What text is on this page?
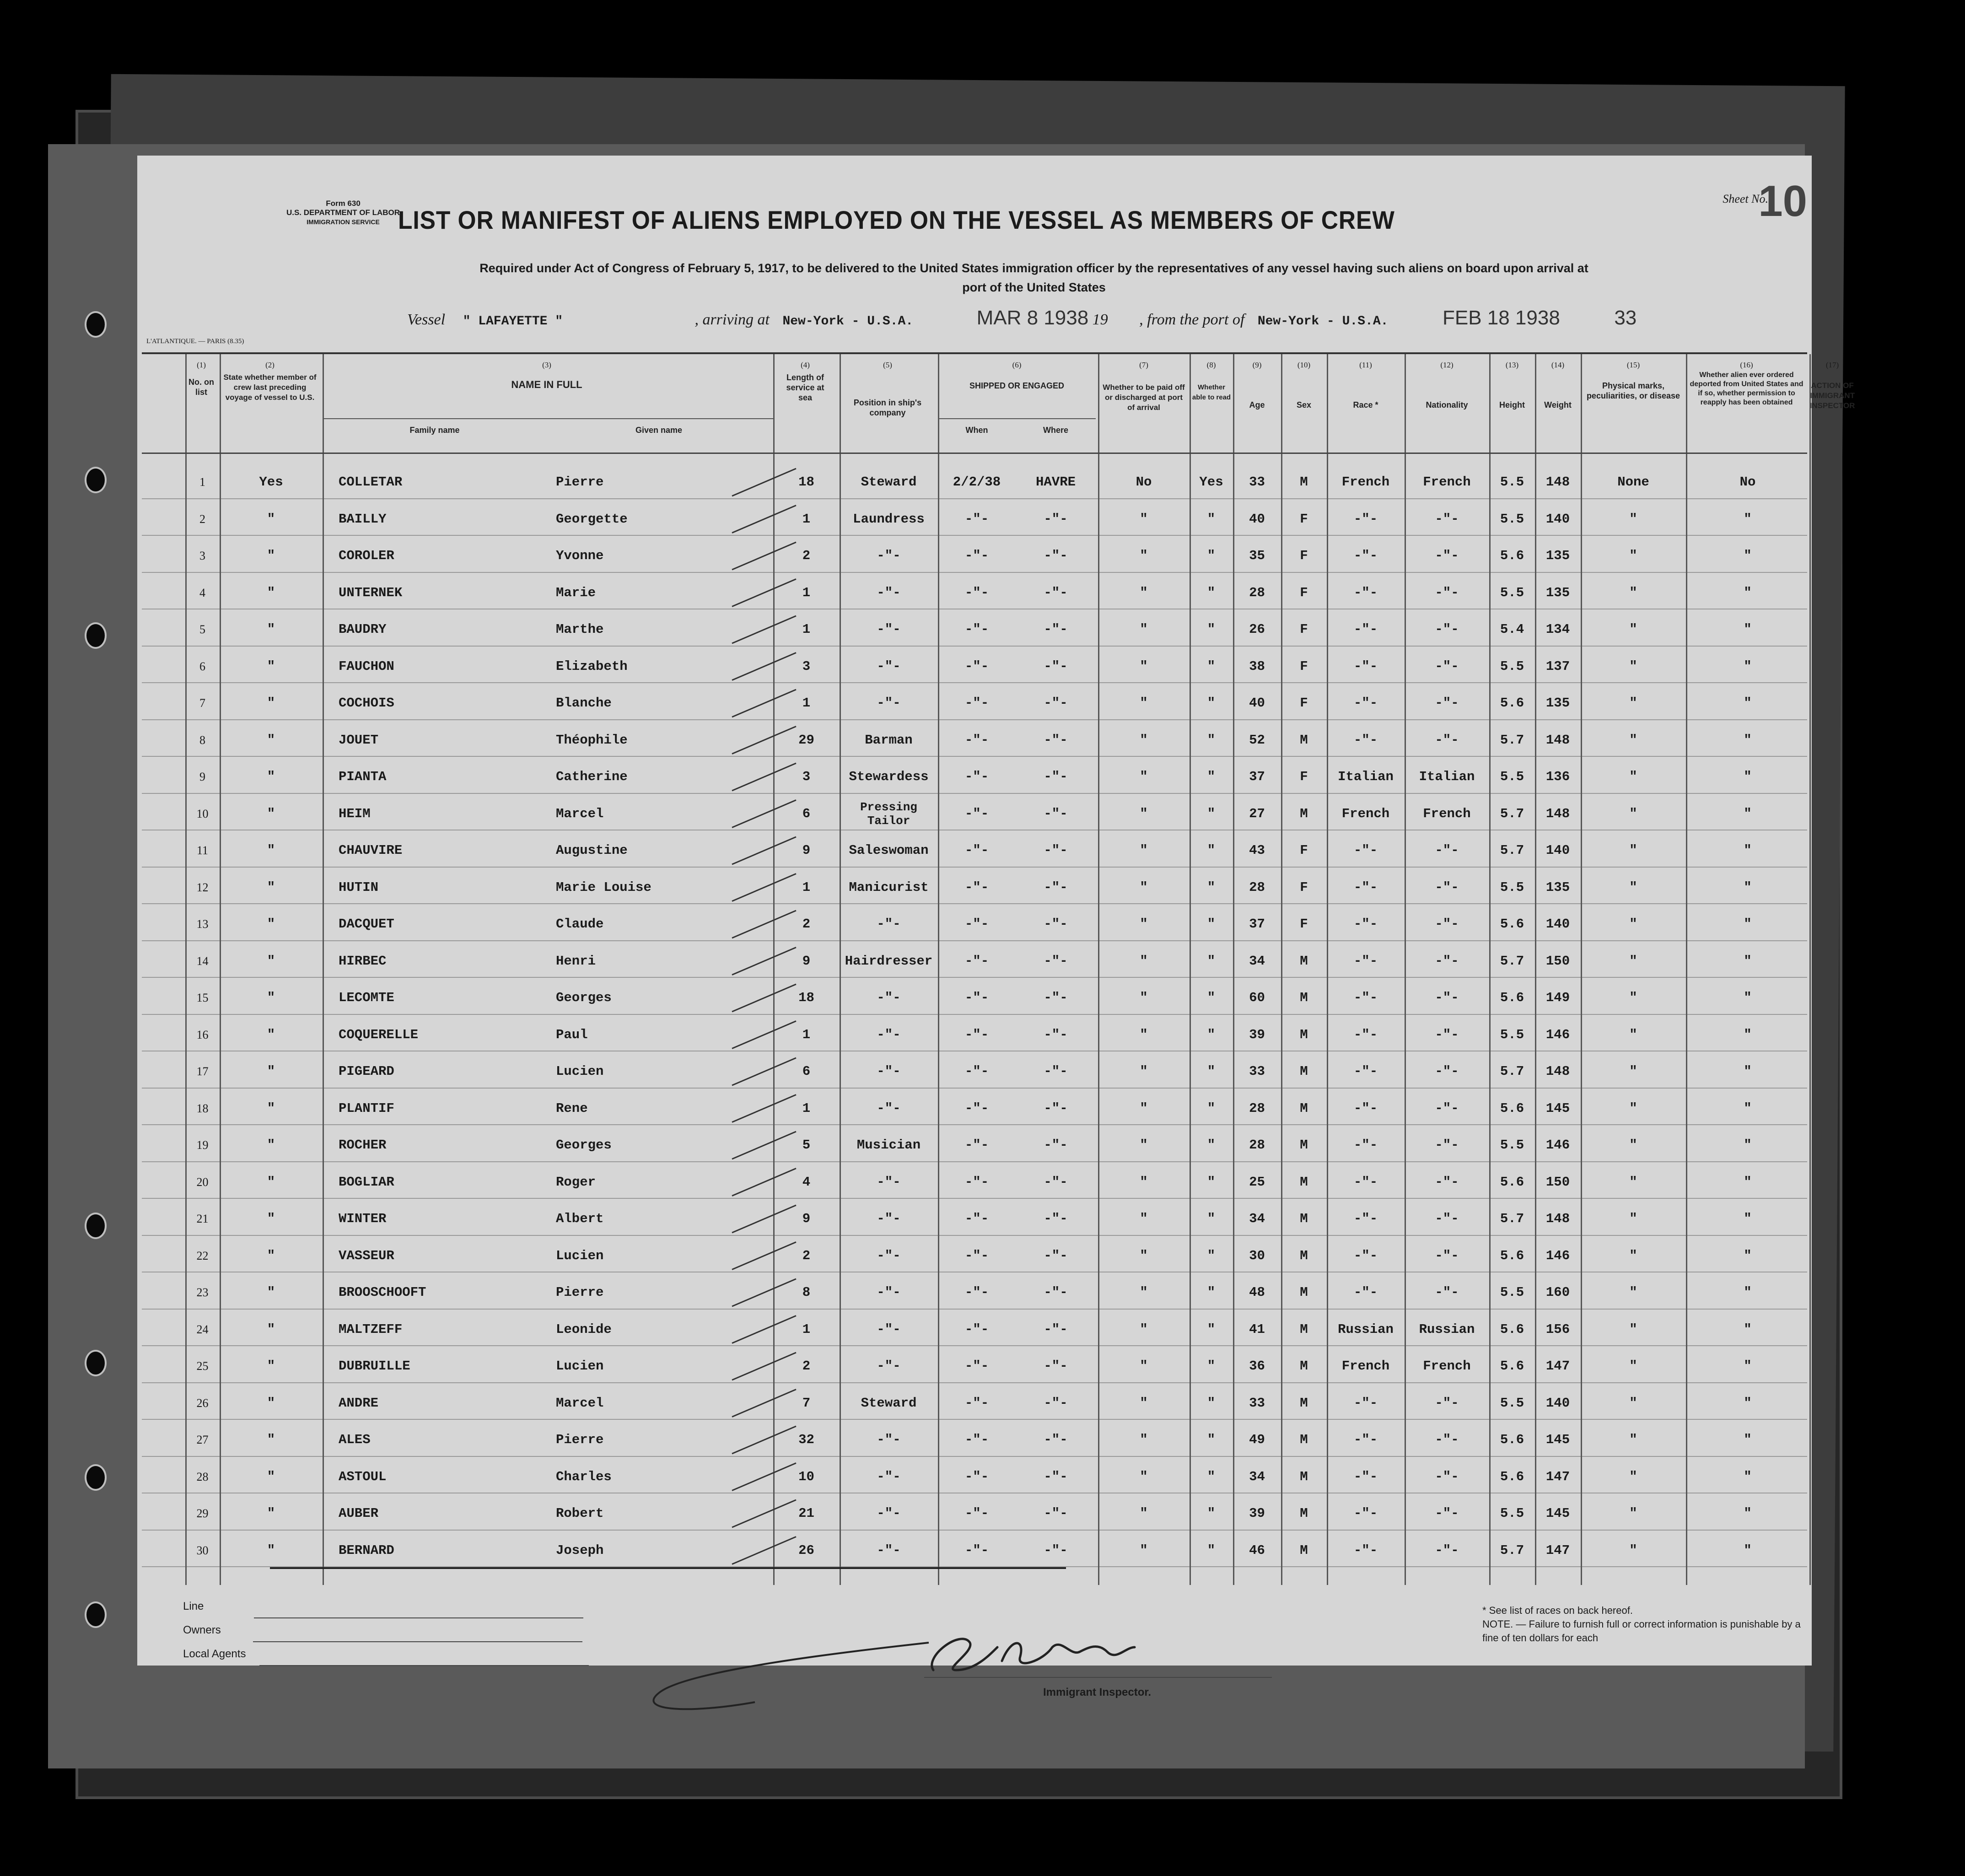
Form 630
U.S. DEPARTMENT OF LABOR
IMMIGRATION SERVICE
Sheet No.
10
LIST OR MANIFEST OF ALIENS EMPLOYED ON THE VESSEL AS MEMBERS OF CREW
Required under Act of Congress of February 5, 1917, to be delivered to the United States immigration officer by the representatives of any vessel having such aliens on board upon arrival at
port of the United States
Vessel " LAFAYETTE "	, arriving at New-York - U.S.A.	MAR 8 1938 19 , from the port of New-York - U.S.A.	FEB 18 1938	33
L'ATLANTIQUE. — PARIS (8.35)
(1)
No. on list
(2)
State whether member of crew last preceding voyage of vessel to U.S.
(3)
NAME IN FULL
Family name	Given name
(4)
Length of service at sea
(5)
Position in ship's company
(6)
SHIPPED OR ENGAGED
When	Where
(7)
Whether to be paid off or discharged at port of arrival
(8)
Whether able to read
(9)
Age
(10)
Sex
(11)
Race *
(12)
Nationality
(13)
Height
(14)
Weight
(15)
Physical marks, peculiarities, or disease
(16)
Whether alien ever ordered deported from United States and if so, whether permission to reapply has been obtained
(17)
ACTION OF IMMIGRANT INSPECTOR
1	Yes	COLLETAR	Pierre	18	Steward	2/2/38	HAVRE	No	Yes	33	M	French	French	5.5	148	None	No
2	"	BAILLY	Georgette	1	Laundress	-"-	-"-	"	"	40	F	-"-	-"-	5.5	140	"	"
3	"	COROLER	Yvonne	2	-"-	-"-	-"-	"	"	35	F	-"-	-"-	5.6	135	"	"
4	"	UNTERNEK	Marie	1	-"-	-"-	-"-	"	"	28	F	-"-	-"-	5.5	135	"	"
5	"	BAUDRY	Marthe	1	-"-	-"-	-"-	"	"	26	F	-"-	-"-	5.4	134	"	"
6	"	FAUCHON	Elizabeth	3	-"-	-"-	-"-	"	"	38	F	-"-	-"-	5.5	137	"	"
7	"	COCHOIS	Blanche	1	-"-	-"-	-"-	"	"	40	F	-"-	-"-	5.6	135	"	"
8	"	JOUET	Théophile	29	Barman	-"-	-"-	"	"	52	M	-"-	-"-	5.7	148	"	"
9	"	PIANTA	Catherine	3	Stewardess	-"-	-"-	"	"	37	F	Italian	Italian	5.5	136	"	"
10	"	HEIM	Marcel	6	Pressing Tailor	-"-	-"-	"	"	27	M	French	French	5.7	148	"	"
11	"	CHAUVIRE	Augustine	9	Saleswoman	-"-	-"-	"	"	43	F	-"-	-"-	5.7	140	"	"
12	"	HUTIN	Marie Louise	1	Manicurist	-"-	-"-	"	"	28	F	-"-	-"-	5.5	135	"	"
13	"	DACQUET	Claude	2	-"-	-"-	-"-	"	"	37	F	-"-	-"-	5.6	140	"	"
14	"	HIRBEC	Henri	9	Hairdresser	-"-	-"-	"	"	34	M	-"-	-"-	5.7	150	"	"
15	"	LECOMTE	Georges	18	-"-	-"-	-"-	"	"	60	M	-"-	-"-	5.6	149	"	"
16	"	COQUERELLE	Paul	1	-"-	-"-	-"-	"	"	39	M	-"-	-"-	5.5	146	"	"
17	"	PIGEARD	Lucien	6	-"-	-"-	-"-	"	"	33	M	-"-	-"-	5.7	148	"	"
18	"	PLANTIF	Rene	1	-"-	-"-	-"-	"	"	28	M	-"-	-"-	5.6	145	"	"
19	"	ROCHER	Georges	5	Musician	-"-	-"-	"	"	28	M	-"-	-"-	5.5	146	"	"
20	"	BOGLIAR	Roger	4	-"-	-"-	-"-	"	"	25	M	-"-	-"-	5.6	150	"	"
21	"	WINTER	Albert	9	-"-	-"-	-"-	"	"	34	M	-"-	-"-	5.7	148	"	"
22	"	VASSEUR	Lucien	2	-"-	-"-	-"-	"	"	30	M	-"-	-"-	5.6	146	"	"
23	"	BROOSCHOOFT	Pierre	8	-"-	-"-	-"-	"	"	48	M	-"-	-"-	5.5	160	"	"
24	"	MALTZEFF	Leonide	1	-"-	-"-	-"-	"	"	41	M	Russian	Russian	5.6	156	"	"
25	"	DUBRUILLE	Lucien	2	-"-	-"-	-"-	"	"	36	M	French	French	5.6	147	"	"
26	"	ANDRE	Marcel	7	Steward	-"-	-"-	"	"	33	M	-"-	-"-	5.5	140	"	"
27	"	ALES	Pierre	32	-"-	-"-	-"-	"	"	49	M	-"-	-"-	5.6	145	"	"
28	"	ASTOUL	Charles	10	-"-	-"-	-"-	"	"	34	M	-"-	-"-	5.6	147	"	"
29	"	AUBER	Robert	21	-"-	-"-	-"-	"	"	39	M	-"-	-"-	5.5	145	"	"
30	"	BERNARD	Joseph	26	-"-	-"-	-"-	"	"	46	M	-"-	-"-	5.7	147	"	"
Line
Owners
Local Agents
Immigrant Inspector.
* See list of races on back hereof.
NOTE. — Failure to furnish full or correct information is punishable by a fine of ten dollars for each
